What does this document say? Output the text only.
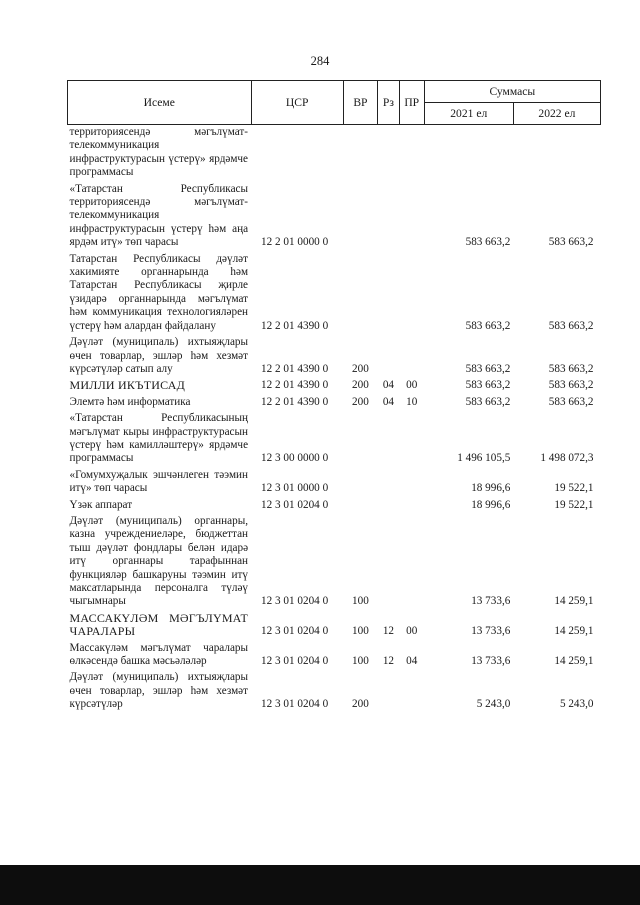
284
Исеме	ЦСР	ВР	Рз	ПР	Суммасы	
					2021 ел	2022 ел
территориясендә мәгълүмат-телекоммуникация инфраструктурасын үстерү» ярдәмче программасы						
«Татарстан Республикасы территориясендә мәгълүмат-телекоммуникация инфраструктурасын үстерү һәм аңа ярдәм итү» төп чарасы	12 2 01 0000 0				583 663,2	583 663,2
Татарстан Республикасы дәүләт хакимияте органнарында һәм Татарстан Республикасы җирле үзидарә органнарында мәгълүмат һәм коммуникация технологияләрен үстерү һәм алардан файдалану	12 2 01 4390 0				583 663,2	583 663,2
Дәүләт (муниципаль) ихтыяҗлары өчен товарлар, эшләр һәм хезмәт күрсәтүләр сатып алу	12 2 01 4390 0	200			583 663,2	583 663,2
МИЛЛИ ИКЪТИСАД	12 2 01 4390 0	200	04	00	583 663,2	583 663,2
Элемтә һәм информатика	12 2 01 4390 0	200	04	10	583 663,2	583 663,2
«Татарстан Республикасының мәгълүмат кыры инфраструктурасын үстерү һәм камилләштерү» ярдәмче программасы	12 3 00 0000 0				1 496 105,5	1 498 072,3
«Гомумхуҗалык эшчәнлеген тәэмин итү» төп чарасы	12 3 01 0000 0				18 996,6	19 522,1
Үзәк аппарат	12 3 01 0204 0				18 996,6	19 522,1
Дәүләт (муниципаль) органнары, казна учреждениеләре, бюджеттан тыш дәүләт фондлары белән идарә итү органнары тарафыннан функцияләр башкаруны тәэмин итү максатларында персоналга түләү чыгымнары	12 3 01 0204 0	100			13 733,6	14 259,1
МАССАКҮЛӘМ МӘГЪЛҮМАТ ЧАРАЛАРЫ	12 3 01 0204 0	100	12	00	13 733,6	14 259,1
Массакүләм мәгълүмат чаралары өлкәсендә башка мәсьәләләр	12 3 01 0204 0	100	12	04	13 733,6	14 259,1
Дәүләт (муниципаль) ихтыяҗлары өчен товарлар, эшләр һәм хезмәт күрсәтүләр	12 3 01 0204 0	200			5 243,0	5 243,0
